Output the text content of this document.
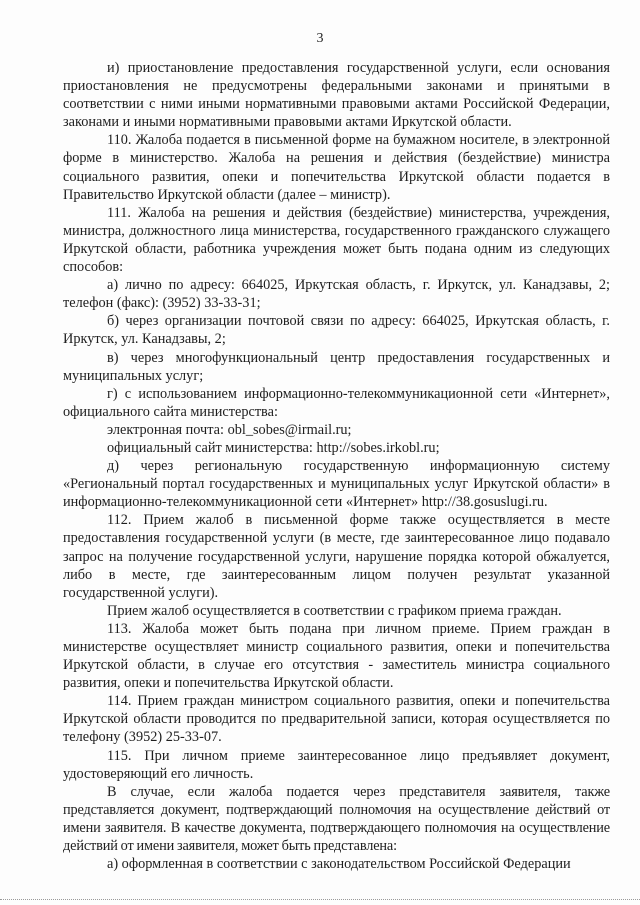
3

и) приостановление предоставления государственной услуги, если основания приостановления не предусмотрены федеральными законами и принятыми в соответствии с ними иными нормативными правовыми актами Российской Федерации, законами и иными нормативными правовыми актами Иркутской области.

110. Жалоба подается в письменной форме на бумажном носителе, в электронной форме в министерство. Жалоба на решения и действия (бездействие) министра социального развития, опеки и попечительства Иркутской области подается в Правительство Иркутской области (далее – министр).

111. Жалоба на решения и действия (бездействие) министерства, учреждения, министра, должностного лица министерства, государственного гражданского служащего Иркутской области, работника учреждения может быть подана одним из следующих способов:

а) лично по адресу: 664025, Иркутская область, г. Иркутск, ул. Канадзавы, 2; телефон (факс): (3952) 33-33-31;

б) через организации почтовой связи по адресу: 664025, Иркутская область, г. Иркутск, ул. Канадзавы, 2;

в) через многофункциональный центр предоставления государственных и муниципальных услуг;

г) с использованием информационно-телекоммуникационной сети «Интернет», официального сайта министерства:

электронная почта: obl_sobes@irmail.ru;

официальный сайт министерства: http://sobes.irkobl.ru;

д) через региональную государственную информационную систему «Региональный портал государственных и муниципальных услуг Иркутской области» в информационно-телекоммуникационной сети «Интернет» http://38.gosuslugi.ru.

112. Прием жалоб в письменной форме также осуществляется в месте предоставления государственной услуги (в месте, где заинтересованное лицо подавало запрос на получение государственной услуги, нарушение порядка которой обжалуется, либо в месте, где заинтересованным лицом получен результат указанной государственной услуги).

Прием жалоб осуществляется в соответствии с графиком приема граждан.

113. Жалоба может быть подана при личном приеме. Прием граждан в министерстве осуществляет министр социального развития, опеки и попечительства Иркутской области, в случае его отсутствия - заместитель министра социального развития, опеки и попечительства Иркутской области.

114. Прием граждан министром социального развития, опеки и попечительства Иркутской области проводится по предварительной записи, которая осуществляется по телефону (3952) 25-33-07.

115. При личном приеме заинтересованное лицо предъявляет документ, удостоверяющий его личность.

В случае, если жалоба подается через представителя заявителя, также представляется документ, подтверждающий полномочия на осуществление действий от имени заявителя. В качестве документа, подтверждающего полномочия на осуществление действий от имени заявителя, может быть представлена:

а) оформленная в соответствии с законодательством Российской Федерации
